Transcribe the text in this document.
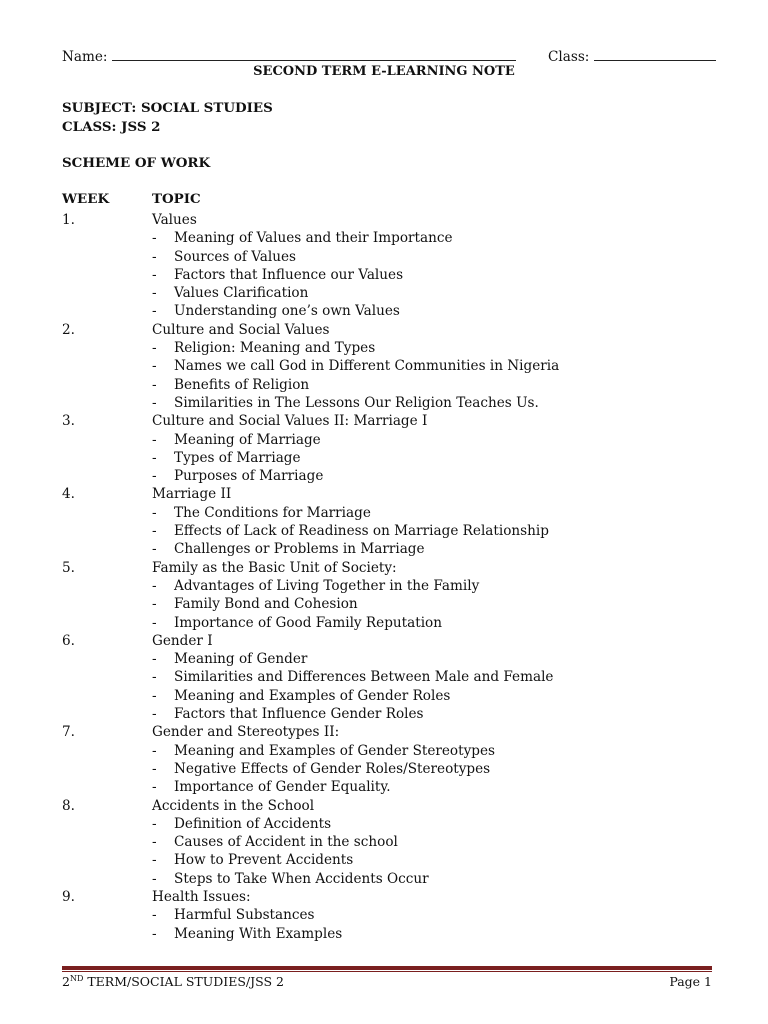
Name:	Class:
SECOND TERM E-LEARNING NOTE
SUBJECT: SOCIAL STUDIES
CLASS: JSS 2
SCHEME OF WORK
WEEK	TOPIC
1.	Values
-	Meaning of Values and their Importance
-	Sources of Values
-	Factors that Influence our Values
-	Values Clarification
-	Understanding one’s own Values
2.	Culture and Social Values
-	Religion: Meaning and Types
-	Names we call God in Different Communities in Nigeria
-	Benefits of Religion
-	Similarities in The Lessons Our Religion Teaches Us.
3.	Culture and Social Values II: Marriage I
-	Meaning of Marriage
-	Types of Marriage
-	Purposes of Marriage
4.	Marriage II
-	The Conditions for Marriage
-	Effects of Lack of Readiness on Marriage Relationship
-	Challenges or Problems in Marriage
5.	Family as the Basic Unit of Society:
-	Advantages of Living Together in the Family
-	Family Bond and Cohesion
-	Importance of Good Family Reputation
6.	Gender I
-	Meaning of Gender
-	Similarities and Differences Between Male and Female
-	Meaning and Examples of Gender Roles
-	Factors that Influence Gender Roles
7.	Gender and Stereotypes II:
-	Meaning and Examples of Gender Stereotypes
-	Negative Effects of Gender Roles/Stereotypes
-	Importance of Gender Equality.
8.	Accidents in the School
-	Definition of Accidents
-	Causes of Accident in the school
-	How to Prevent Accidents
-	Steps to Take When Accidents Occur
9.	Health Issues:
-	Harmful Substances
-	Meaning With Examples
2ND TERM/SOCIAL STUDIES/JSS 2	Page 1
